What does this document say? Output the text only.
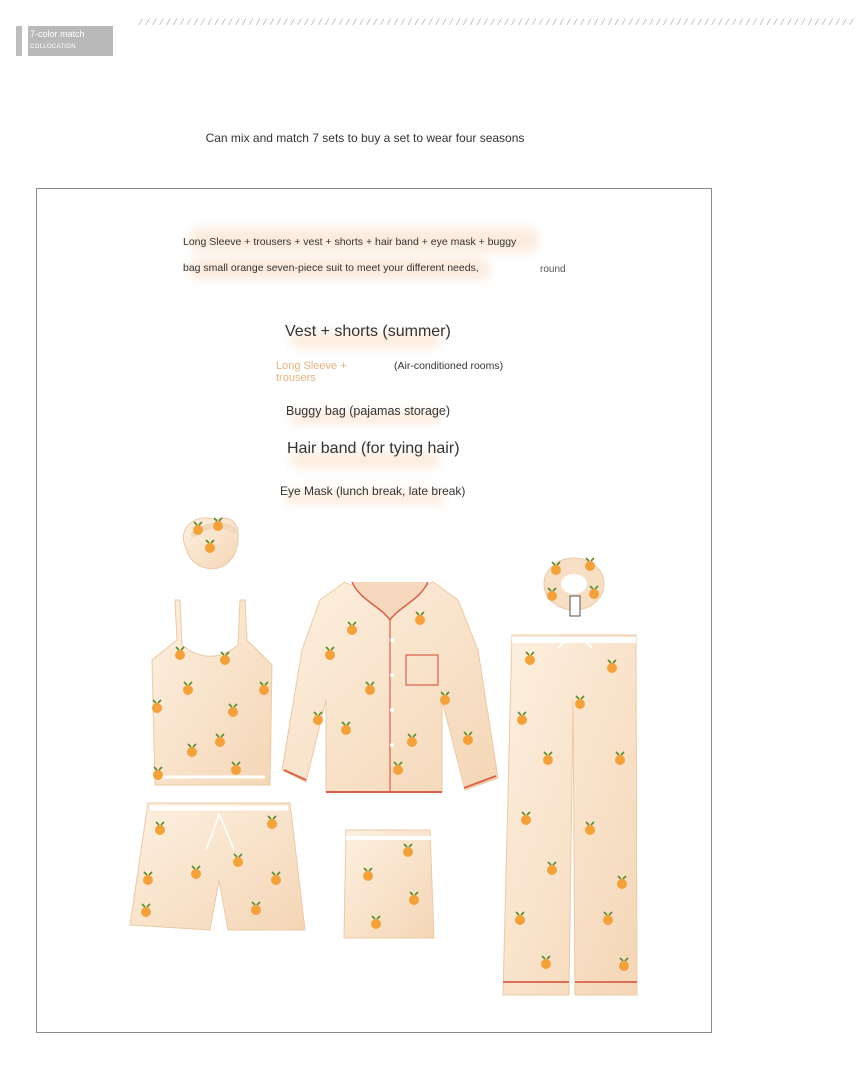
7-color match
COLLOCATION
////////////////////////////////////////////////////////////////////////////////////////////////////////
Can mix and match 7 sets to buy a set to wear four seasons
Long Sleeve + trousers + vest + shorts + hair band + eye mask + buggy
bag small orange seven-piece suit to meet your different needs,	round
Vest + shorts (summer)
Long Sleeve + trousers
(Air-conditioned rooms)
Buggy bag (pajamas storage)
Hair band (for tying hair)
Eye Mask (lunch break, late break)
